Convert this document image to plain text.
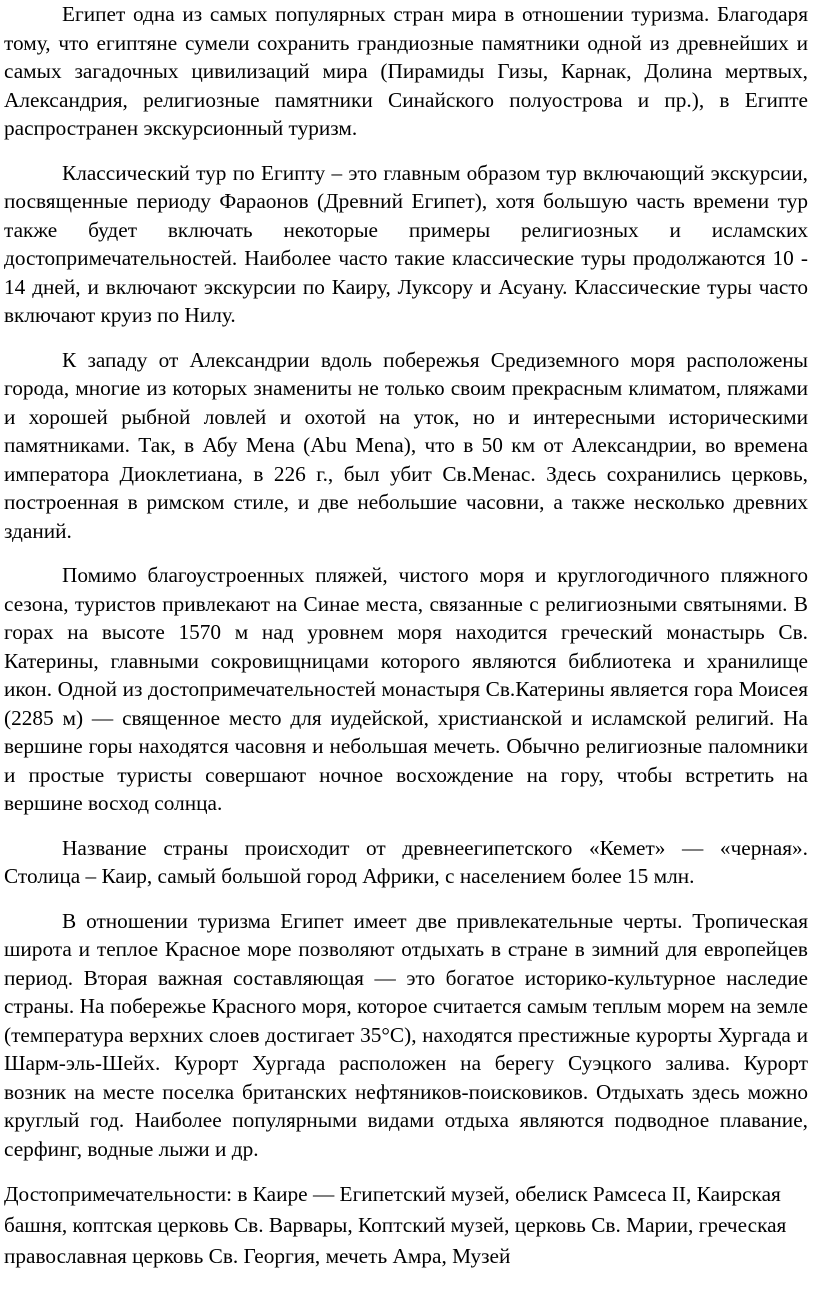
Египет одна из самых популярных стран мира в отношении туризма. Благодаря тому, что египтяне сумели сохранить грандиозные памятники одной из древнейших и самых загадочных цивилизаций мира (Пирамиды Гизы, Карнак, Долина мертвых, Александрия, религиозные памятники Синайского полуострова и пр.), в Египте распространен экскурсионный туризм.

Классический тур по Египту – это главным образом тур включающий экскурсии, посвященные периоду Фараонов (Древний Египет), хотя большую часть времени тур также будет включать некоторые примеры религиозных и исламских достопримечательностей. Наиболее часто такие классические туры продолжаются 10 - 14 дней, и включают экскурсии по Каиру, Луксору и Асуану. Классические туры часто включают круиз по Нилу.

К западу от Александрии вдоль побережья Средиземного моря расположены города, многие из которых знамениты не только своим прекрасным климатом, пляжами и хорошей рыбной ловлей и охотой на уток, но и интересными историческими памятниками. Так, в Абу Мена (Abu Mena), что в 50 км от Александрии, во времена императора Диоклетиана, в 226 г., был убит Св.Менас. Здесь сохранились церковь, построенная в римском стиле, и две небольшие часовни, а также несколько древних зданий.

Помимо благоустроенных пляжей, чистого моря и круглогодичного пляжного сезона, туристов привлекают на Синае места, связанные с религиозными святынями. В горах на высоте 1570 м над уровнем моря находится греческий монастырь Св. Катерины, главными сокровищницами которого являются библиотека и хранилище икон. Одной из достопримечательностей монастыря Св.Катерины является гора Моисея (2285 м) — священное место для иудейской, христианской и исламской религий. На вершине горы находятся часовня и небольшая мечеть. Обычно религиозные паломники и простые туристы совершают ночное восхождение на гору, чтобы встретить на вершине восход солнца.

Название страны происходит от древнеегипетского «Кемет» — «черная». Столица – Каир, самый большой город Африки, с населением более 15 млн.

В отношении туризма Египет имеет две привлекательные черты. Тропическая широта и теплое Красное море позволяют отдыхать в стране в зимний для европейцев период. Вторая важная составляющая — это богатое историко-культурное наследие страны. На побережье Красного моря, которое считается самым теплым морем на земле (температура верхних слоев достигает 35°С), находятся престижные курорты Хургада и Шарм-эль-Шейх. Курорт Хургада расположен на берегу Суэцкого залива. Курорт возник на месте поселка британских нефтяников-поисковиков. Отдыхать здесь можно круглый год. Наиболее популярными видами отдыха являются подводное плавание, серфинг, водные лыжи и др.

Достопримечательности: в Каире — Египетский музей, обелиск Рамсеса II, Каирская башня, коптская церковь Св. Варвары, Коптский музей, церковь Св. Марии, греческая православная церковь Св. Георгия, мечеть Амра, Музей
